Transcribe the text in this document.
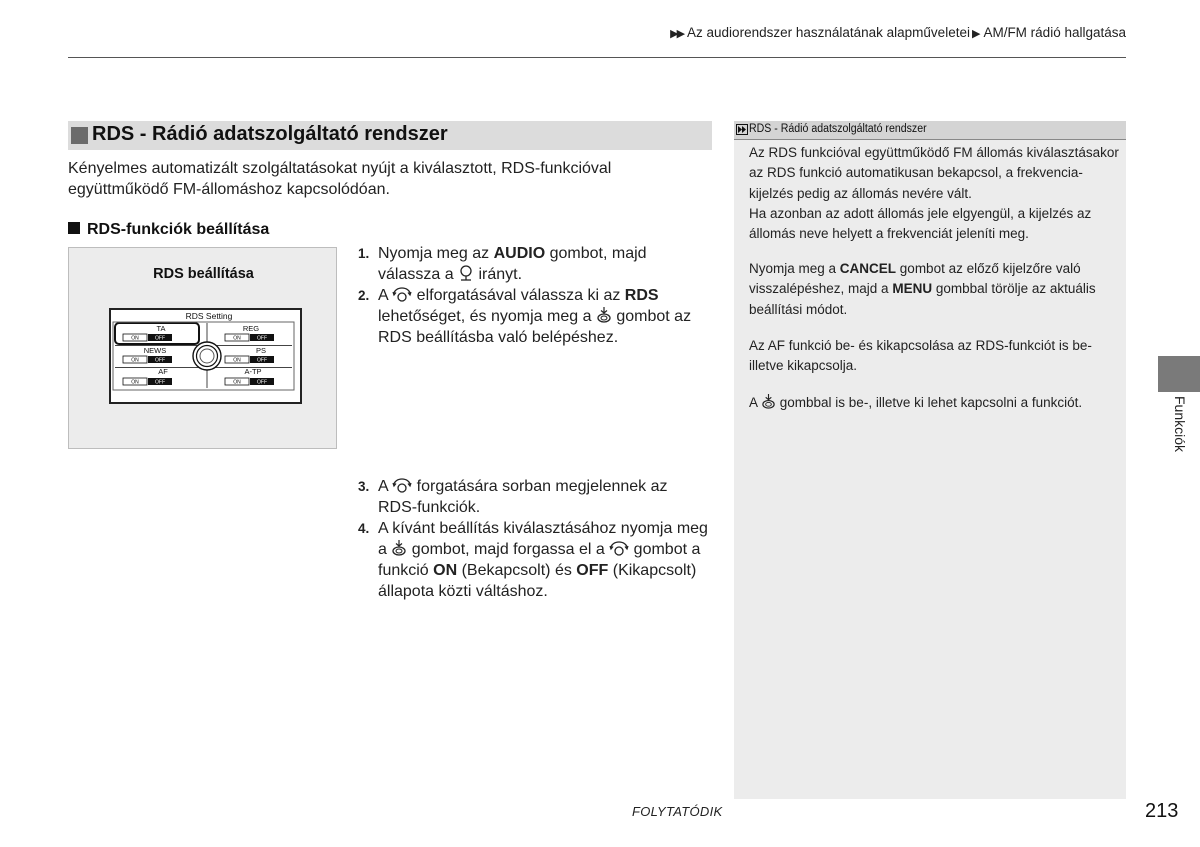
▶▶ Az audiorendszer használatának alapműveletei ▶ AM/FM rádió hallgatása
RDS - Rádió adatszolgáltató rendszer
Kényelmes automatizált szolgáltatásokat nyújt a kiválasztott, RDS-funkcióval együttműködő FM-állomáshoz kapcsolódóan.
RDS-funkciók beállítása
RDS beállítása
RDS Setting
TA	REG
NEWS	PS
AF	A-TP
ON	OFF	ON	OFF
ON	OFF	ON	OFF
ON	OFF	ON	OFF
1. Nyomja meg az AUDIO gombot, majd válassza a  irányt.
2. A  elforgatásával válassza ki az RDS lehetőséget, és nyomja meg a  gombot az RDS beállításba való belépéshez.
3. A  forgatására sorban megjelennek az RDS-funkciók.
4. A kívánt beállítás kiválasztásához nyomja meg a  gombot, majd forgassa el a  gombot a funkció ON (Bekapcsolt) és OFF (Kikapcsolt) állapota közti váltáshoz.
RDS - Rádió adatszolgáltató rendszer
Az RDS funkcióval együttműködő FM állomás kiválasztásakor az RDS funkció automatikusan bekapcsol, a frekvencia-kijelzés pedig az állomás nevére vált.
Ha azonban az adott állomás jele elgyengül, a kijelzés az állomás neve helyett a frekvenciát jeleníti meg.
Nyomja meg a CANCEL gombot az előző kijelzőre való visszalépéshez, majd a MENU gombbal törölje az aktuális beállítási módot.
Az AF funkció be- és kikapcsolása az RDS-funkciót is be- illetve kikapcsolja.
A  gombbal is be-, illetve ki lehet kapcsolni a funkciót.	Funkciók
FOLYTATÓDIK	213
